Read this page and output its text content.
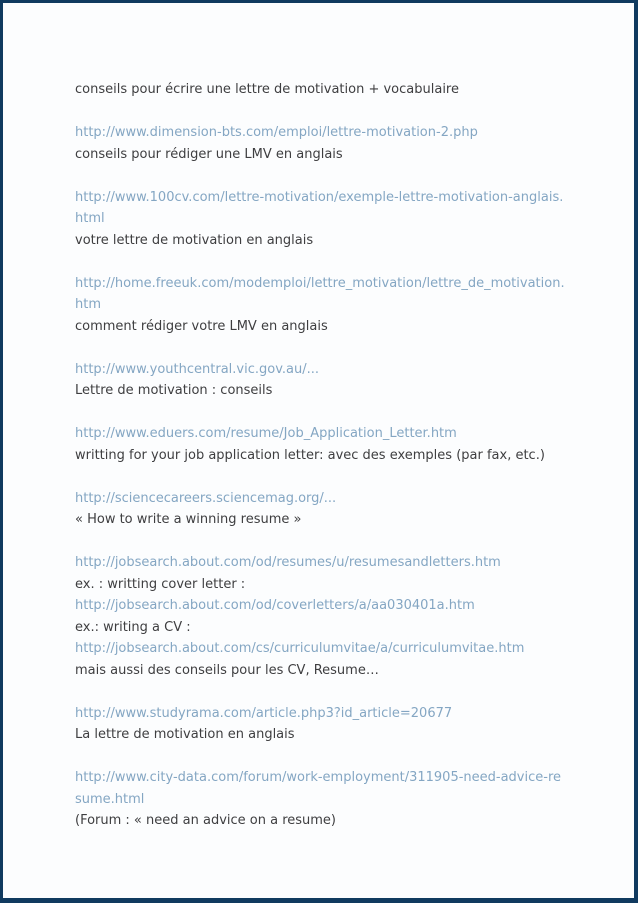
conseils pour écrire une lettre de motivation + vocabulaire
http://www.dimension-bts.com/emploi/lettre-motivation-2.php
conseils pour rédiger une LMV en anglais
http://www.100cv.com/lettre-motivation/exemple-lettre-motivation-anglais.html
votre lettre de motivation en anglais
http://home.freeuk.com/modemploi/lettre_motivation/lettre_de_motivation.htm
comment rédiger votre LMV en anglais
http://www.youthcentral.vic.gov.au/...
Lettre de motivation : conseils
http://www.eduers.com/resume/Job_Application_Letter.htm
writting for your job application letter: avec des exemples (par fax, etc.)
http://sciencecareers.sciencemag.org/...
« How to write a winning resume »
http://jobsearch.about.com/od/resumes/u/resumesandletters.htm
ex. : writting cover letter :
http://jobsearch.about.com/od/coverletters/a/aa030401a.htm
ex.: writing a CV :
http://jobsearch.about.com/cs/curriculumvitae/a/curriculumvitae.htm
mais aussi des conseils pour les CV, Resume…
http://www.studyrama.com/article.php3?id_article=20677
La lettre de motivation en anglais
http://www.city-data.com/forum/work-employment/311905-need-advice-resume.html
(Forum : « need an advice on a resume)
